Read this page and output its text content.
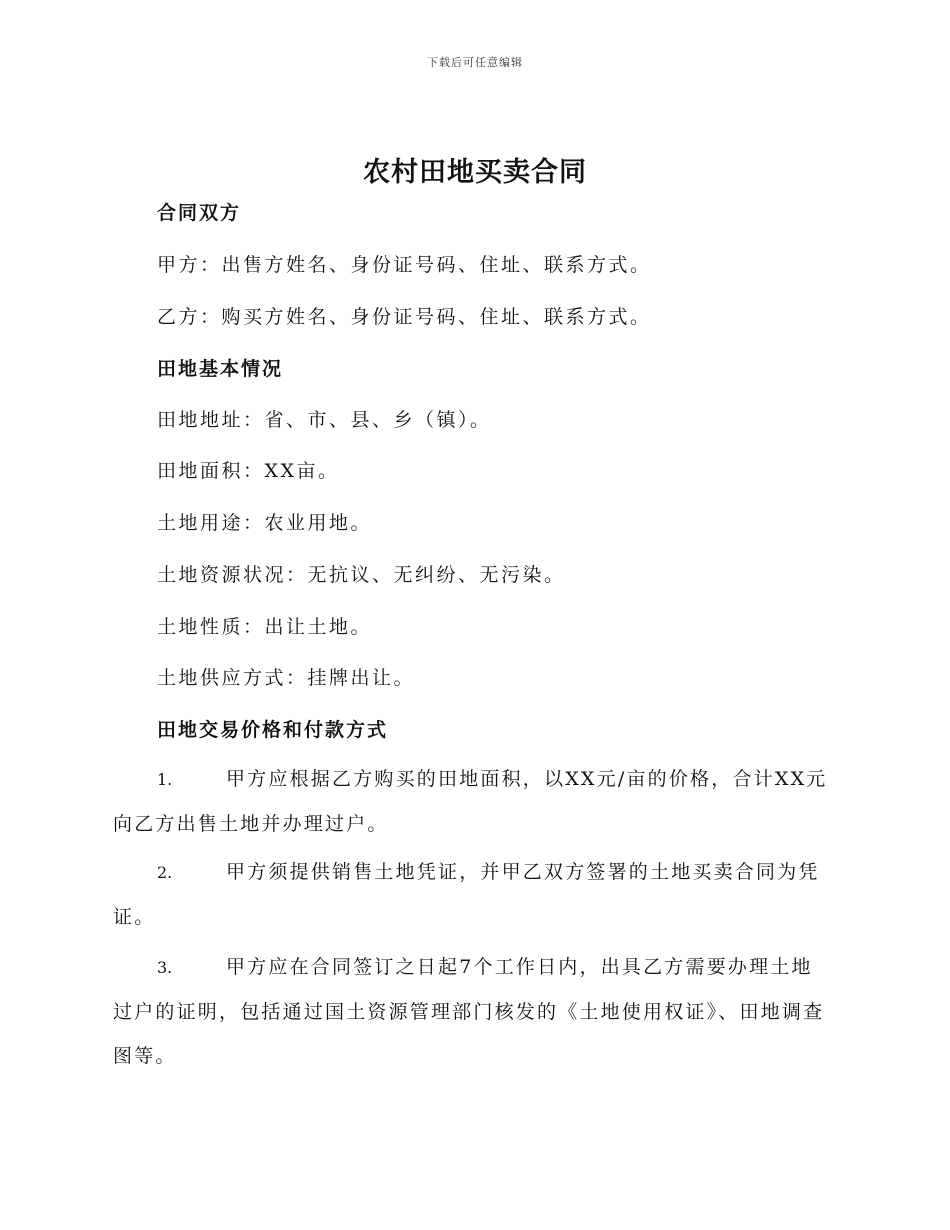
下载后可任意编辑
农村田地买卖合同
合同双方
甲方：出售方姓名、身份证号码、住址、联系方式。
乙方：购买方姓名、身份证号码、住址、联系方式。
田地基本情况
田地地址：省、市、县、乡（镇）。
田地面积：XX亩。
土地用途：农业用地。
土地资源状况：无抗议、无纠纷、无污染。
土地性质：出让土地。
土地供应方式：挂牌出让。
田地交易价格和付款方式
1.	甲方应根据乙方购买的田地面积，以XX元/亩的价格，合计XX元向乙方出售土地并办理过户。
2.	甲方须提供销售土地凭证，并甲乙双方签署的土地买卖合同为凭证。
3.	甲方应在合同签订之日起7个工作日内，出具乙方需要办理土地过户的证明，包括通过国土资源管理部门核发的《土地使用权证》、田地调查图等。
